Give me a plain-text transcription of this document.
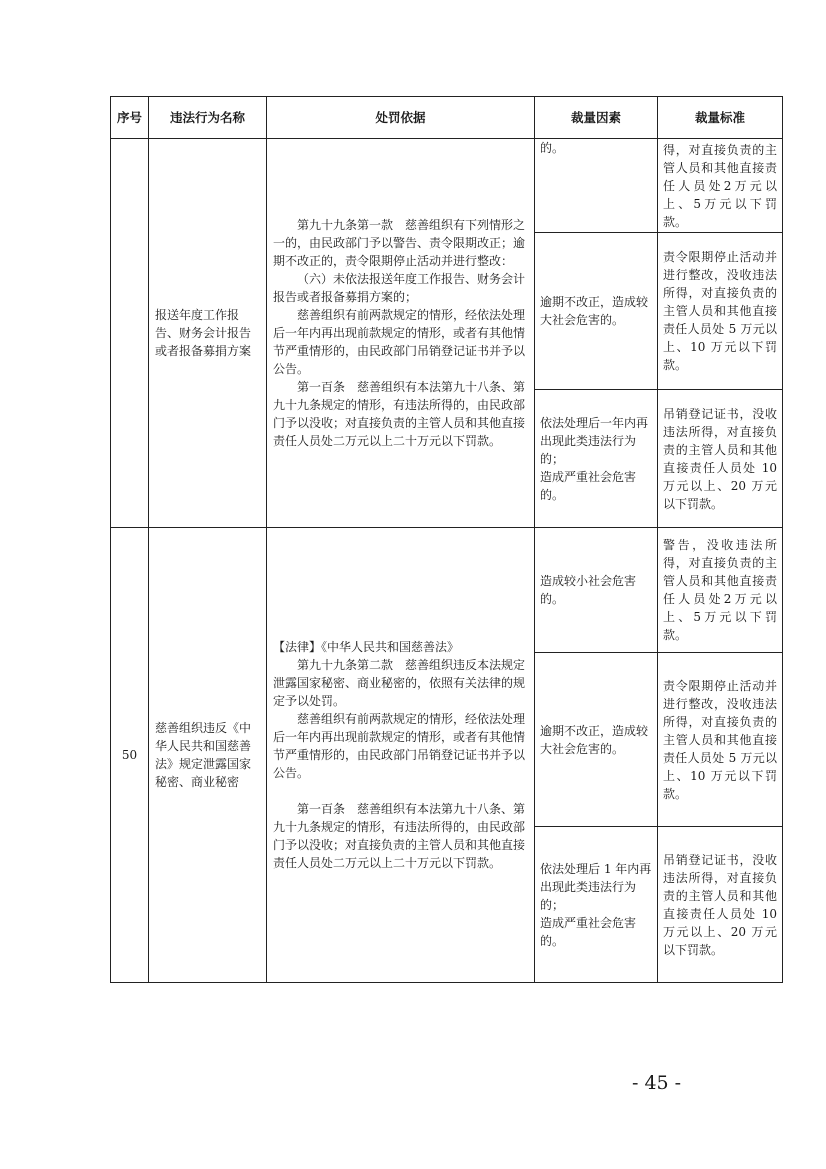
序号	违法行为名称	处罚依据	裁量因素	裁量标准
	报送年度工作报告、财务会计报告或者报备募捐方案	第九十九条第一款　慈善组织有下列情形之一的，由民政部门予以警告、责令限期改正；逾期不改正的，责令限期停止活动并进行整改：

（六）未依法报送年度工作报告、财务会计报告或者报备募捐方案的；

慈善组织有前两款规定的情形，经依法处理后一年内再出现前款规定的情形，或者有其他情节严重情形的，由民政部门吊销登记证书并予以公告。

第一百条　慈善组织有本法第九十八条、第九十九条规定的情形，有违法所得的，由民政部门予以没收；对直接负责的主管人员和其他直接责任人员处二万元以上二十万元以下罚款。	的。	得，对直接负责的主管人员和其他直接责任人员处2万元以上、5万元以下罚款。
			逾期不改正，造成较大社会危害的。	责令限期停止活动并进行整改，没收违法所得，对直接负责的主管人员和其他直接责任人员处 5 万元以上、10 万元以下罚款。
			依法处理后一年内再出现此类违法行为的；
造成严重社会危害的。	吊销登记证书，没收违法所得，对直接负责的主管人员和其他直接责任人员处 10 万元以上、20 万元以下罚款。
50	慈善组织违反《中华人民共和国慈善法》规定泄露国家秘密、商业秘密	【法律】《中华人民共和国慈善法》

第九十九条第二款　慈善组织违反本法规定泄露国家秘密、商业秘密的，依照有关法律的规定予以处罚。

慈善组织有前两款规定的情形，经依法处理后一年内再出现前款规定的情形，或者有其他情节严重情形的，由民政部门吊销登记证书并予以公告。

第一百条　慈善组织有本法第九十八条、第九十九条规定的情形，有违法所得的，由民政部门予以没收；对直接负责的主管人员和其他直接责任人员处二万元以上二十万元以下罚款。	造成较小社会危害的。	警告，没收违法所得，对直接负责的主管人员和其他直接责任人员处2万元以上、5万元以下罚款。
			逾期不改正，造成较大社会危害的。	责令限期停止活动并进行整改，没收违法所得，对直接负责的主管人员和其他直接责任人员处 5 万元以上、10 万元以下罚款。
			依法处理后 1 年内再出现此类违法行为的；
造成严重社会危害的。	吊销登记证书，没收违法所得，对直接负责的主管人员和其他直接责任人员处 10 万元以上、20 万元以下罚款。
- 45 -
